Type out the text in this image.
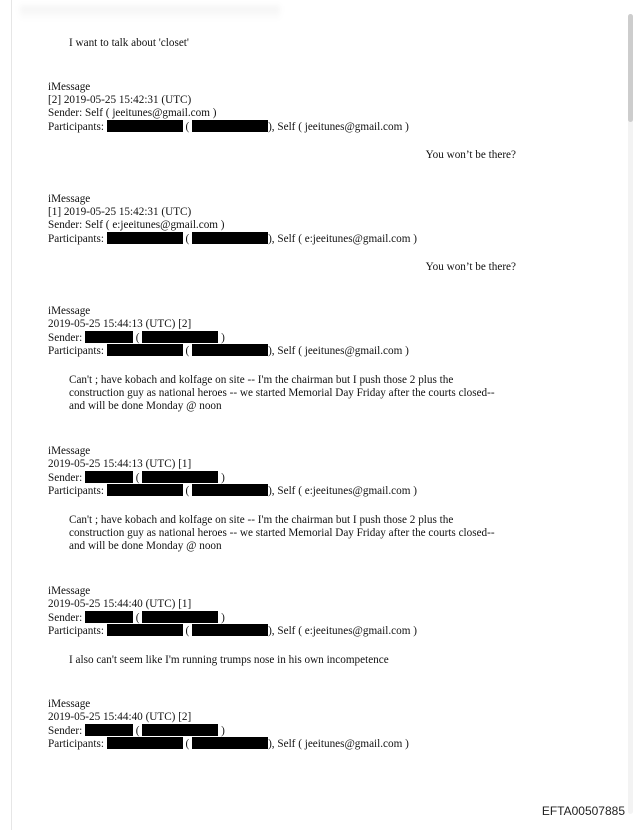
I want to talk about 'closet'
iMessage
[2] 2019-05-25 15:42:31 (UTC)
Sender: Self ( jeeitunes@gmail.com )
Participants:	(	), Self ( jeeitunes@gmail.com )
You won’t be there?
iMessage
[1] 2019-05-25 15:42:31 (UTC)
Sender: Self ( e:jeeitunes@gmail.com )
Participants:	(	), Self ( e:jeeitunes@gmail.com )
You won’t be there?
iMessage
2019-05-25 15:44:13 (UTC) [2]
Sender:	(	)
Participants:	(	), Self ( jeeitunes@gmail.com )
Can't ; have kobach and kolfage on site -- I'm the chairman but I push those 2 plus the construction guy as national heroes -- we started Memorial Day Friday after the courts closed-- and will be done Monday @ noon
iMessage
2019-05-25 15:44:13 (UTC) [1]
Sender:	(	)
Participants:	(	), Self ( e:jeeitunes@gmail.com )
Can't ; have kobach and kolfage on site -- I'm the chairman but I push those 2 plus the construction guy as national heroes -- we started Memorial Day Friday after the courts closed-- and will be done Monday @ noon
iMessage
2019-05-25 15:44:40 (UTC) [1]
Sender:	(	)
Participants:	(	), Self ( e:jeeitunes@gmail.com )
I also can't seem like I'm running trumps nose in his own incompetence
iMessage
2019-05-25 15:44:40 (UTC) [2]
Sender:	(	)
Participants:	(	), Self ( jeeitunes@gmail.com )
EFTA00507885
